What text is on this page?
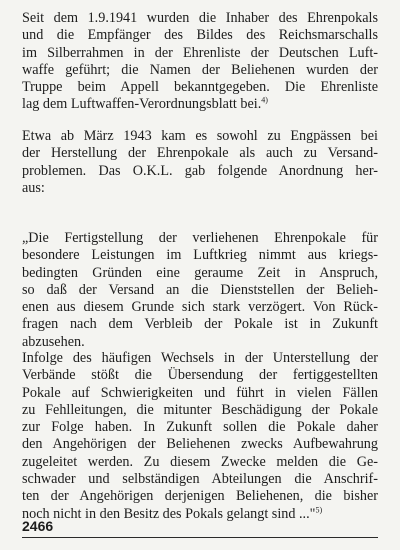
Seit dem 1.9.1941 wurden die Inhaber des Ehrenpokals
und die Empfänger des Bildes des Reichsmarschalls
im Silberrahmen in der Ehrenliste der Deutschen Luft-
waffe geführt; die Namen der Beliehenen wurden der
Truppe beim Appell bekanntgegeben. Die Ehrenliste
lag dem Luftwaffen-Verordnungsblatt bei.$^{4)}$

Etwa ab März 1943 kam es sowohl zu Engpässen bei
der Herstellung der Ehrenpokale als auch zu Versand-
problemen. Das O.K.L. gab folgende Anordnung her-
aus:

„Die Fertigstellung der verliehenen Ehrenpokale für
besondere Leistungen im Luftkrieg nimmt aus kriegs-
bedingten Gründen eine geraume Zeit in Anspruch,
so daß der Versand an die Dienststellen der Belieh-
enen aus diesem Grunde sich stark verzögert. Von Rück-
fragen nach dem Verbleib der Pokale ist in Zukunft
abzusehen.

Infolge des häufigen Wechsels in der Unterstellung der
Verbände stößt die Übersendung der fertiggestellten
Pokale auf Schwierigkeiten und führt in vielen Fällen
zu Fehlleitungen, die mitunter Beschädigung der Pokale
zur Folge haben. In Zukunft sollen die Pokale daher
den Angehörigen der Beliehenen zwecks Aufbewahrung
zugeleitet werden. Zu diesem Zwecke melden die Ge-
schwader und selbständigen Abteilungen die Anschrif-
ten der Angehörigen derjenigen Beliehenen, die bisher
noch nicht in den Besitz des Pokals gelangt sind ..."$^{5)}$

2466
